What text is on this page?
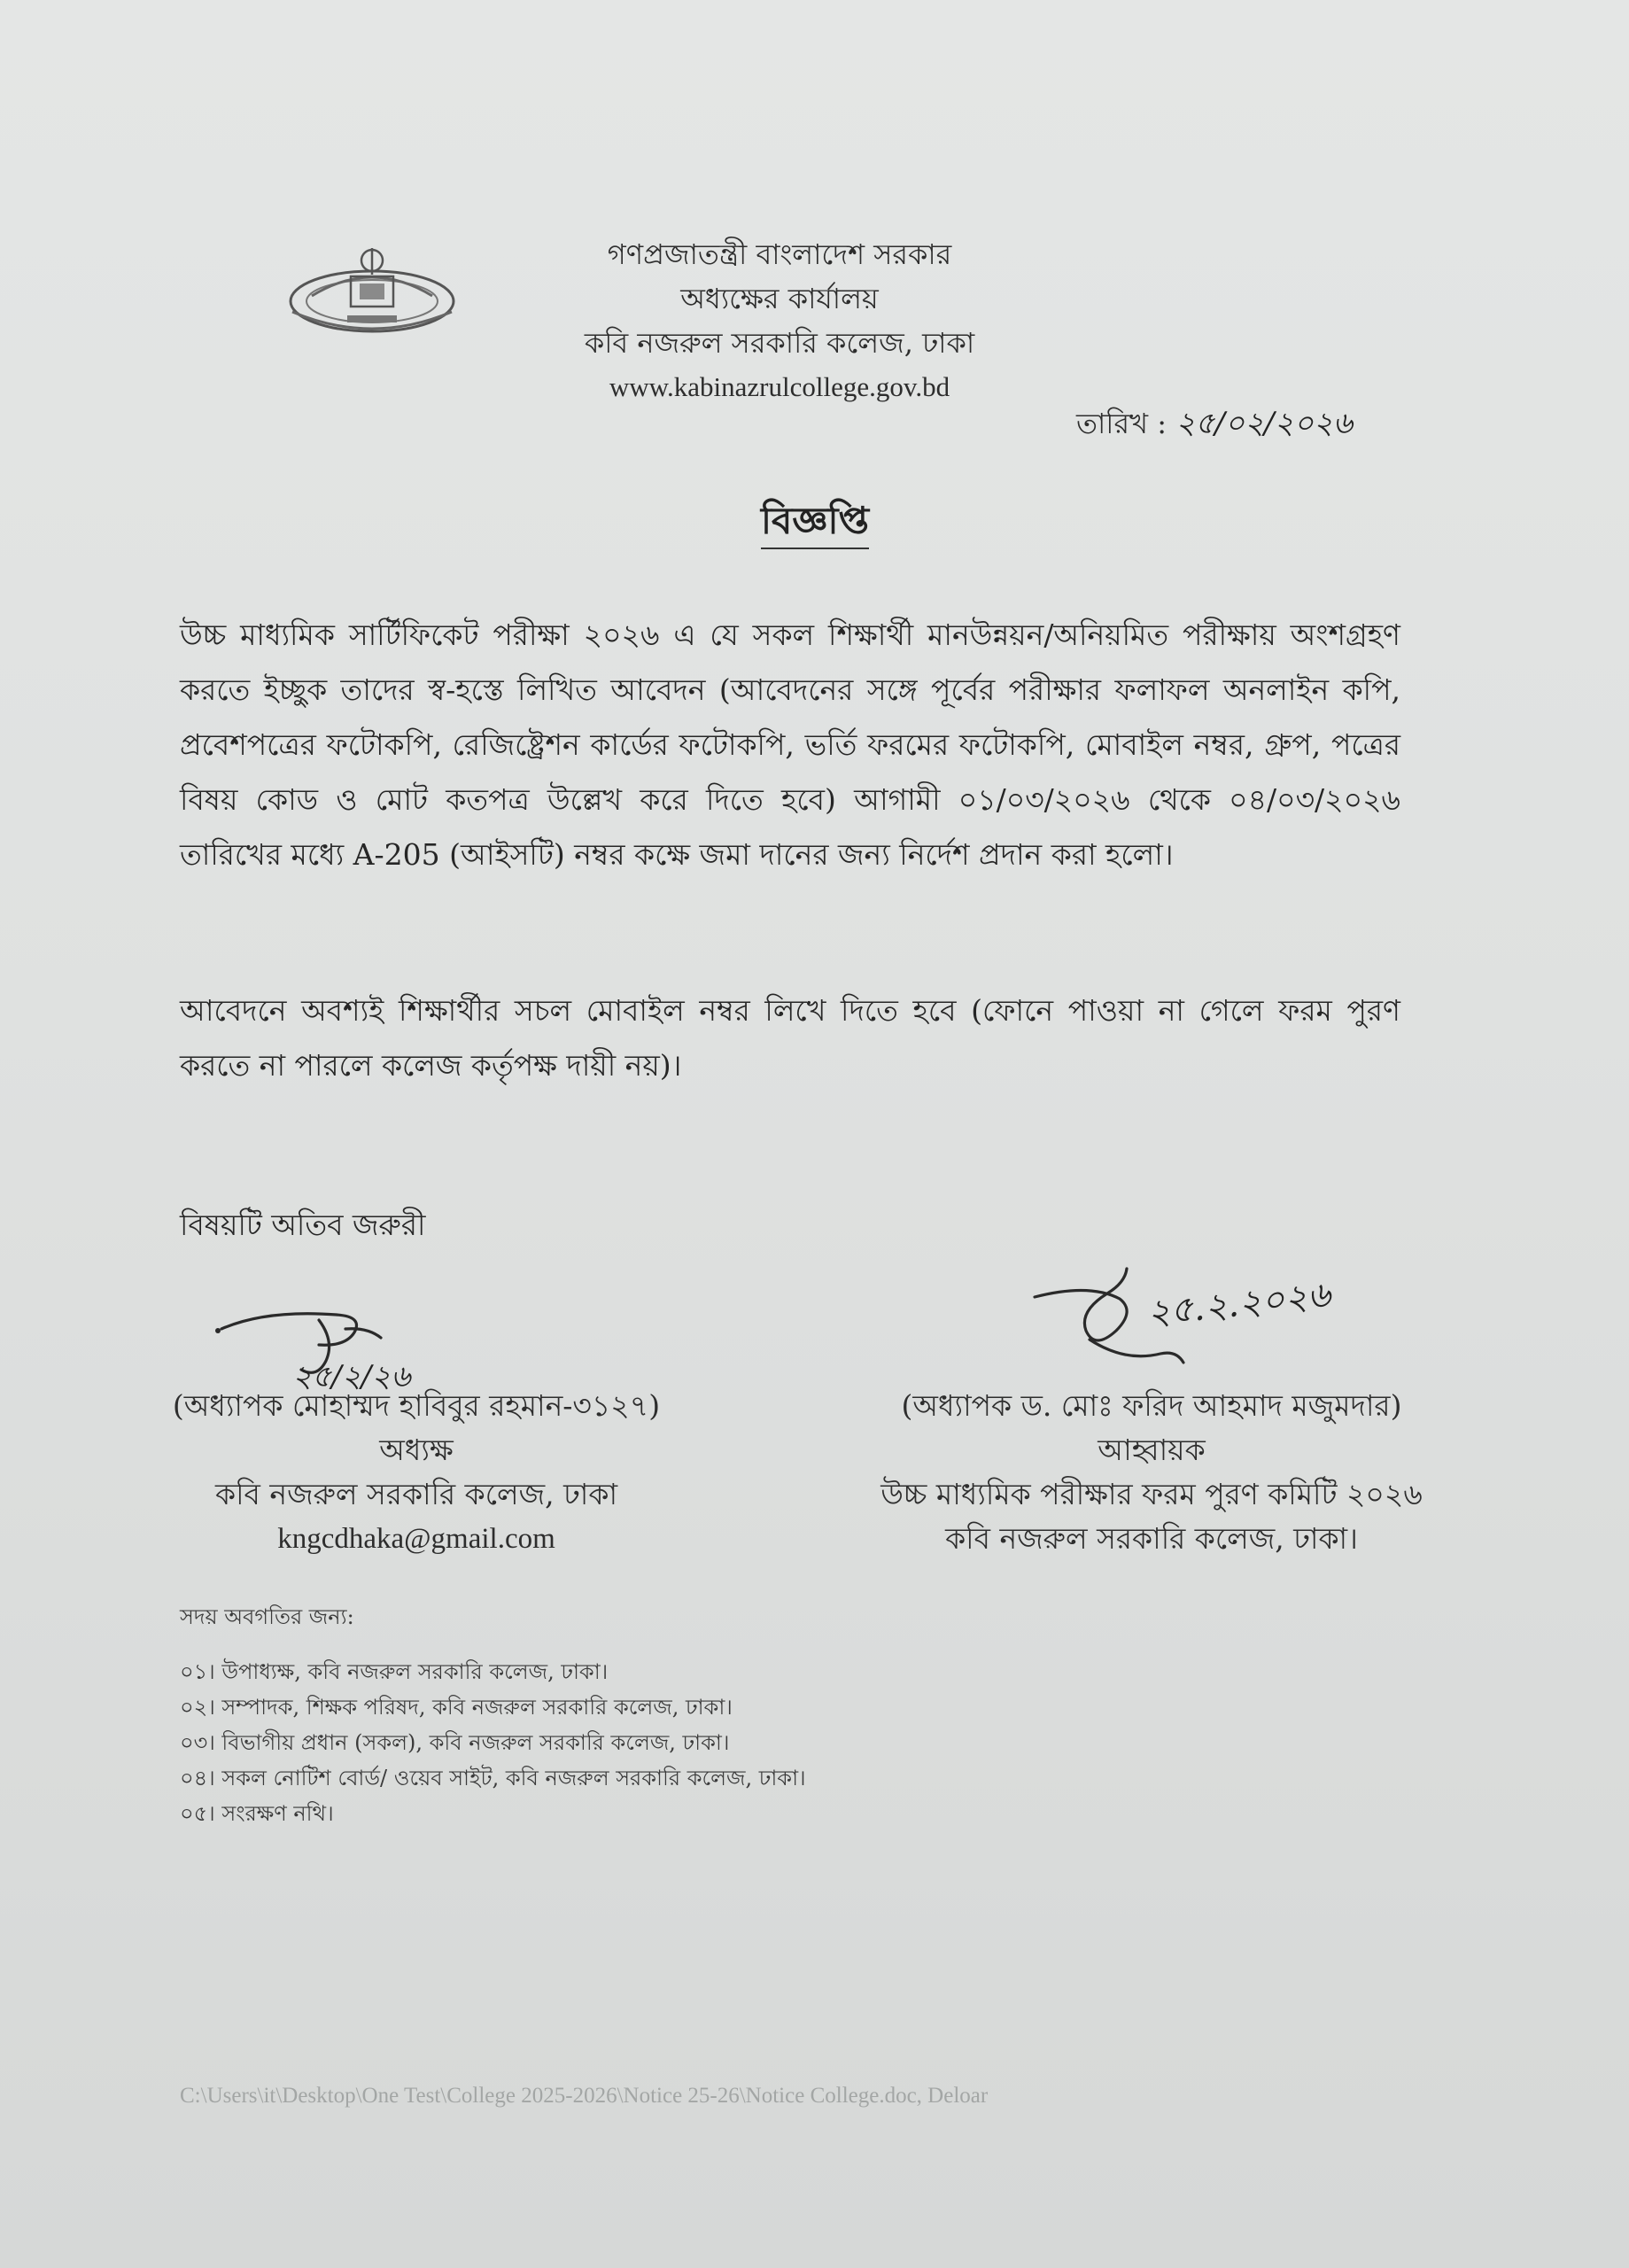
গণপ্রজাতন্ত্রী বাংলাদেশ সরকার
অধ্যক্ষের কার্যালয়
কবি নজরুল সরকারি কলেজ, ঢাকা
www.kabinazrulcollege.gov.bd
তারিখ : ২৫/০২/২০২৬
বিজ্ঞপ্তি
উচ্চ মাধ্যমিক সার্টিফিকেট পরীক্ষা ২০২৬ এ যে সকল শিক্ষার্থী মানউন্নয়ন/অনিয়মিত পরীক্ষায় অংশগ্রহণ করতে ইচ্ছুক তাদের স্ব-হস্তে লিখিত আবেদন (আবেদনের সঙ্গে পূর্বের পরীক্ষার ফলাফল অনলাইন কপি, প্রবেশপত্রের ফটোকপি, রেজিষ্ট্রেশন কার্ডের ফটোকপি, ভর্তি ফরমের ফটোকপি, মোবাইল নম্বর, গ্রুপ, পত্রের বিষয় কোড ও মোট কতপত্র উল্লেখ করে দিতে হবে) আগামী ০১/০৩/২০২৬ থেকে ০৪/০৩/২০২৬ তারিখের মধ্যে A-205 (আইসটি) নম্বর কক্ষে জমা দানের জন্য নির্দেশ প্রদান করা হলো।
আবেদনে অবশ্যই শিক্ষার্থীর সচল মোবাইল নম্বর লিখে দিতে হবে (ফোনে পাওয়া না গেলে ফরম পুরণ করতে না পারলে কলেজ কর্তৃপক্ষ দায়ী নয়)।
বিষয়টি অতিব জরুরী
২৫/২/২৬
(অধ্যাপক মোহাম্মদ হাবিবুর রহমান-৩১২৭)
অধ্যক্ষ
কবি নজরুল সরকারি কলেজ, ঢাকা
kngcdhaka@gmail.com
২৫.২.২০২৬
(অধ্যাপক ড. মোঃ ফরিদ আহমাদ মজুমদার)
আহ্বায়ক
উচ্চ মাধ্যমিক পরীক্ষার ফরম পুরণ কমিটি ২০২৬
কবি নজরুল সরকারি কলেজ, ঢাকা।
সদয় অবগতির জন্য:
০১। উপাধ্যক্ষ, কবি নজরুল সরকারি কলেজ, ঢাকা।
০২। সম্পাদক, শিক্ষক পরিষদ, কবি নজরুল সরকারি কলেজ, ঢাকা।
০৩। বিভাগীয় প্রধান (সকল), কবি নজরুল সরকারি কলেজ, ঢাকা।
০৪। সকল নোটিশ বোর্ড/ ওয়েব সাইট, কবি নজরুল সরকারি কলেজ, ঢাকা।
০৫। সংরক্ষণ নথি।
C:\Users\it\Desktop\One Test\College 2025-2026\Notice 25-26\Notice College.doc, Deloar
